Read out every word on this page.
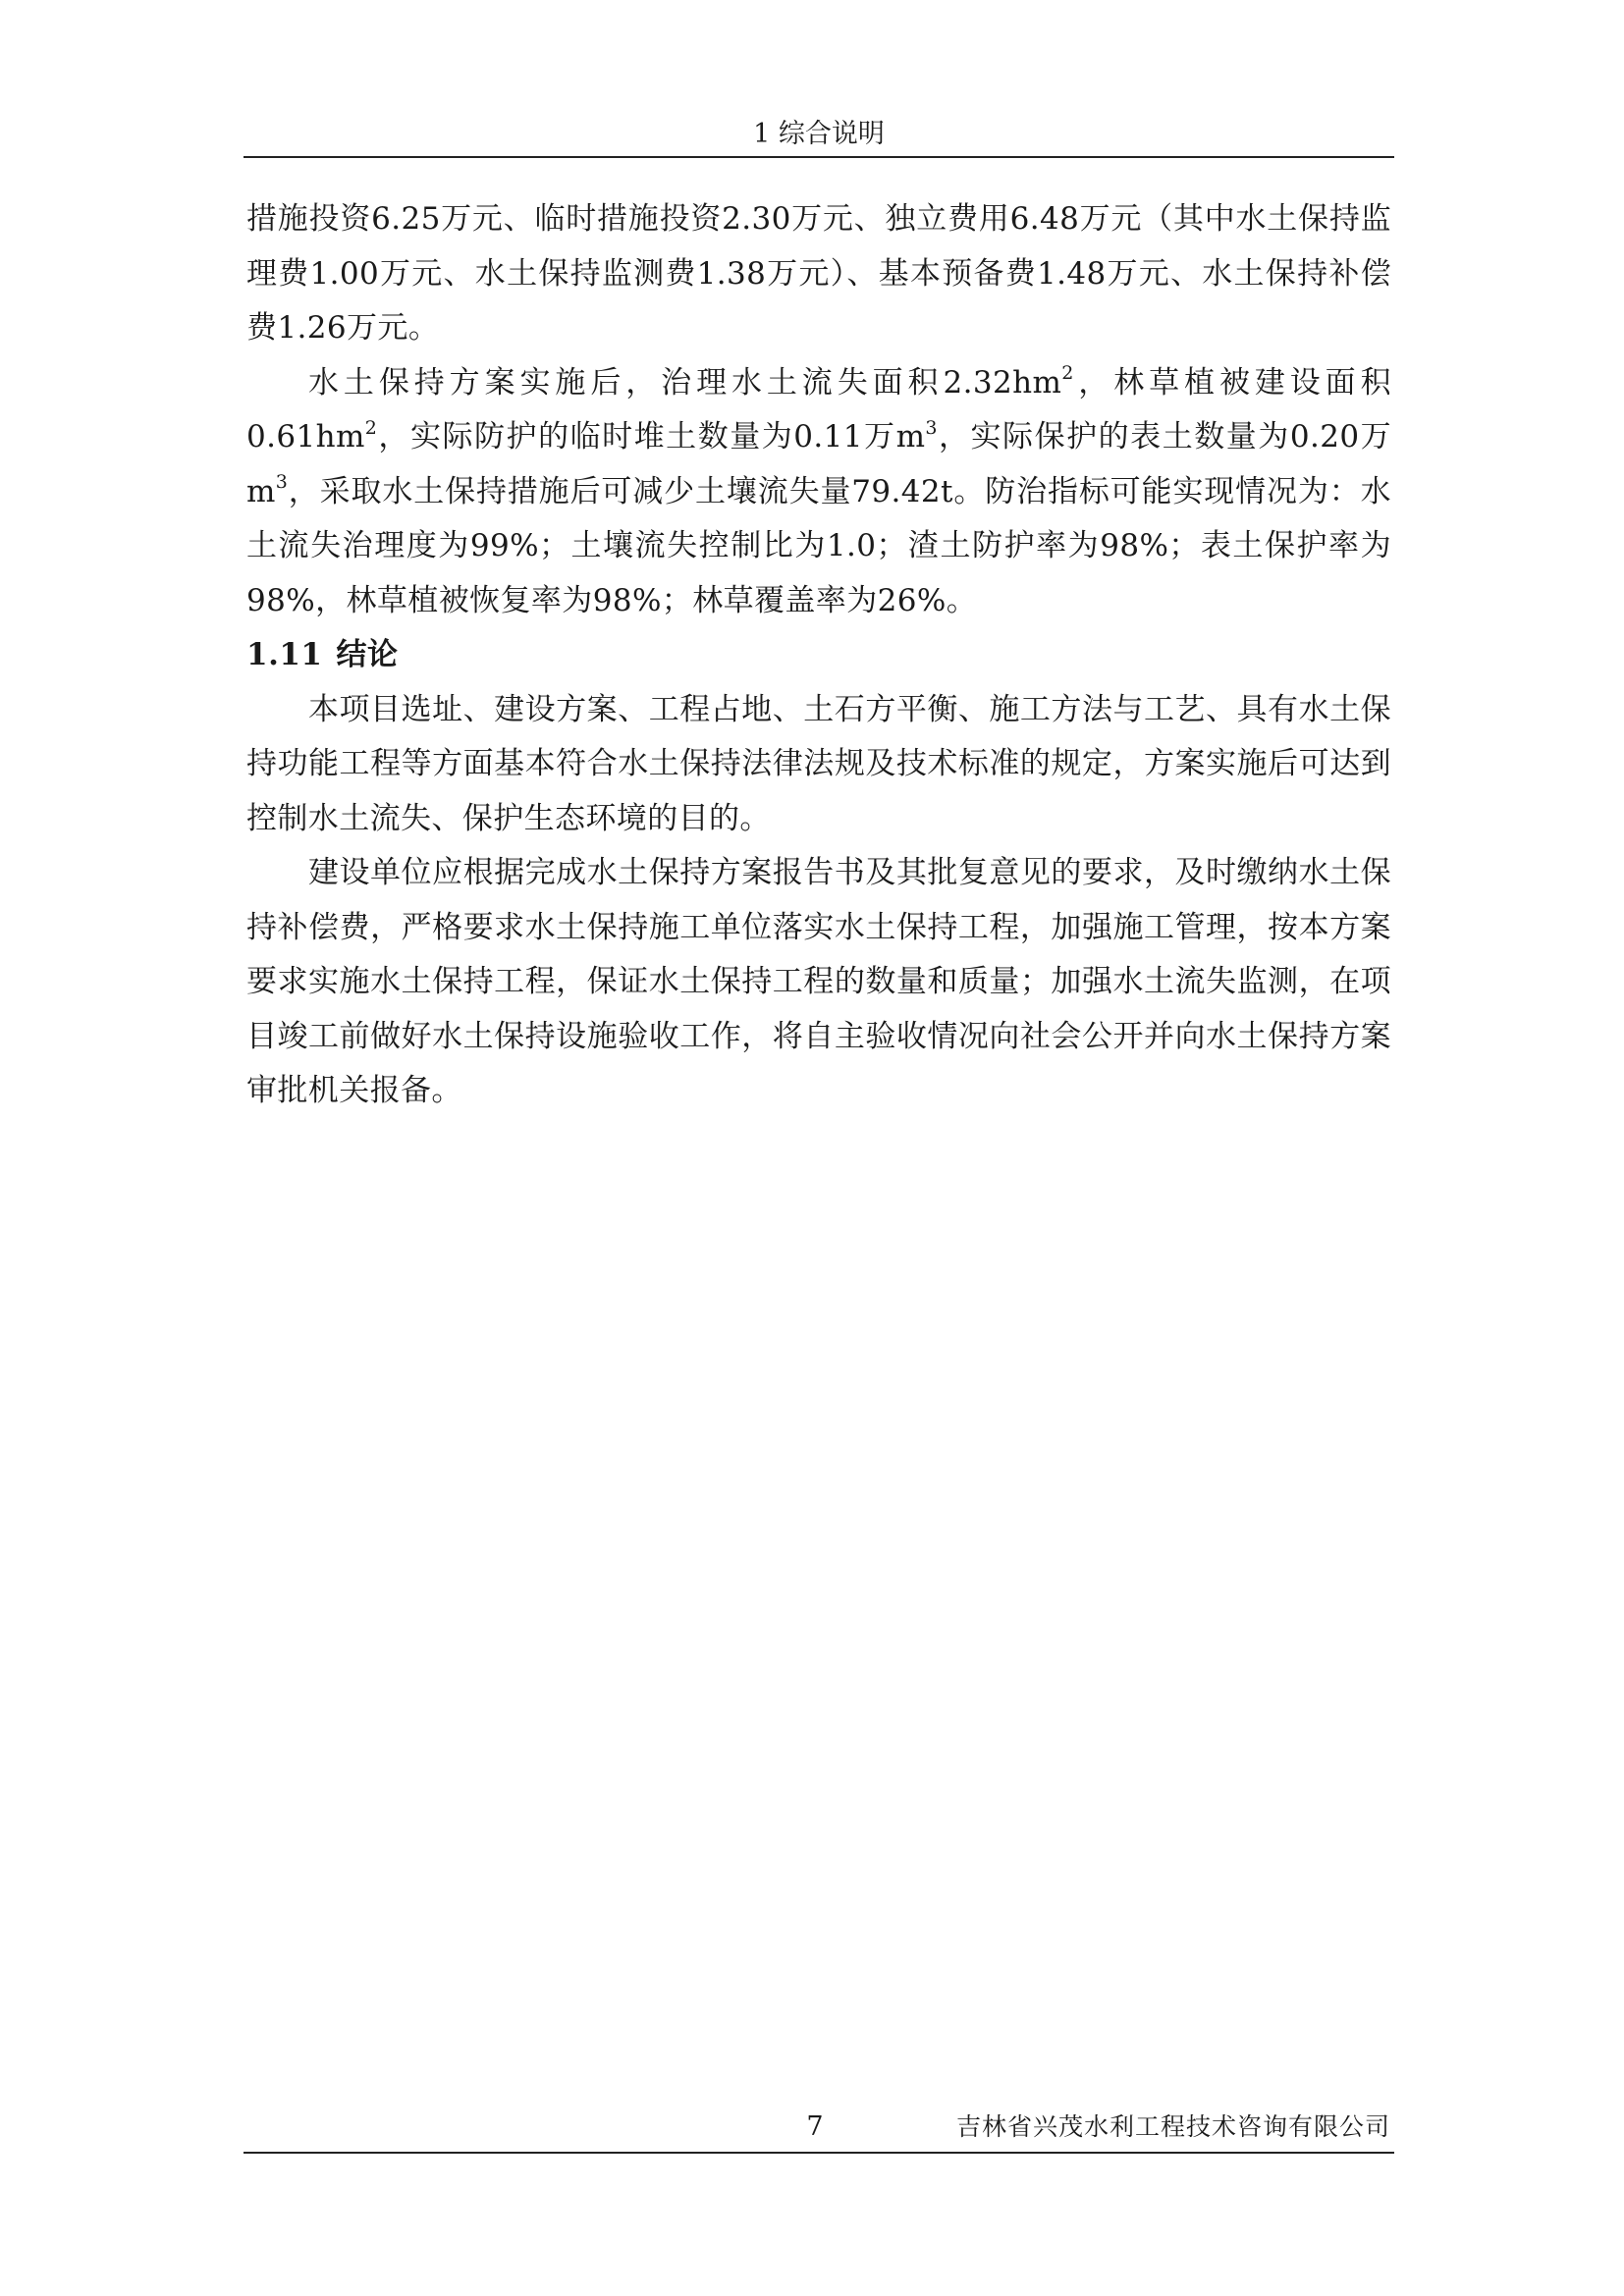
1 综合说明

措施投资6.25万元、临时措施投资2.30万元、独立费用6.48万元（其中水土保持监理费1.00万元、水土保持监测费1.38万元）、基本预备费1.48万元、水土保持补偿费1.26万元。

水土保持方案实施后，治理水土流失面积$2.32hm^2$，林草植被建设面积$0.61hm^2$，实际防护的临时堆土数量为0.11万$m^3$，实际保护的表土数量为0.20万$m^3$，采取水土保持措施后可减少土壤流失量79.42t。防治指标可能实现情况为：水土流失治理度为99%；土壤流失控制比为1.0；渣土防护率为98%；表土保护率为98%，林草植被恢复率为98%；林草覆盖率为26%。

1.11 结论

本项目选址、建设方案、工程占地、土石方平衡、施工方法与工艺、具有水土保持功能工程等方面基本符合水土保持法律法规及技术标准的规定，方案实施后可达到控制水土流失、保护生态环境的目的。

建设单位应根据完成水土保持方案报告书及其批复意见的要求，及时缴纳水土保持补偿费，严格要求水土保持施工单位落实水土保持工程，加强施工管理，按本方案要求实施水土保持工程，保证水土保持工程的数量和质量；加强水土流失监测，在项目竣工前做好水土保持设施验收工作，将自主验收情况向社会公开并向水土保持方案审批机关报备。

7	吉林省兴茂水利工程技术咨询有限公司
